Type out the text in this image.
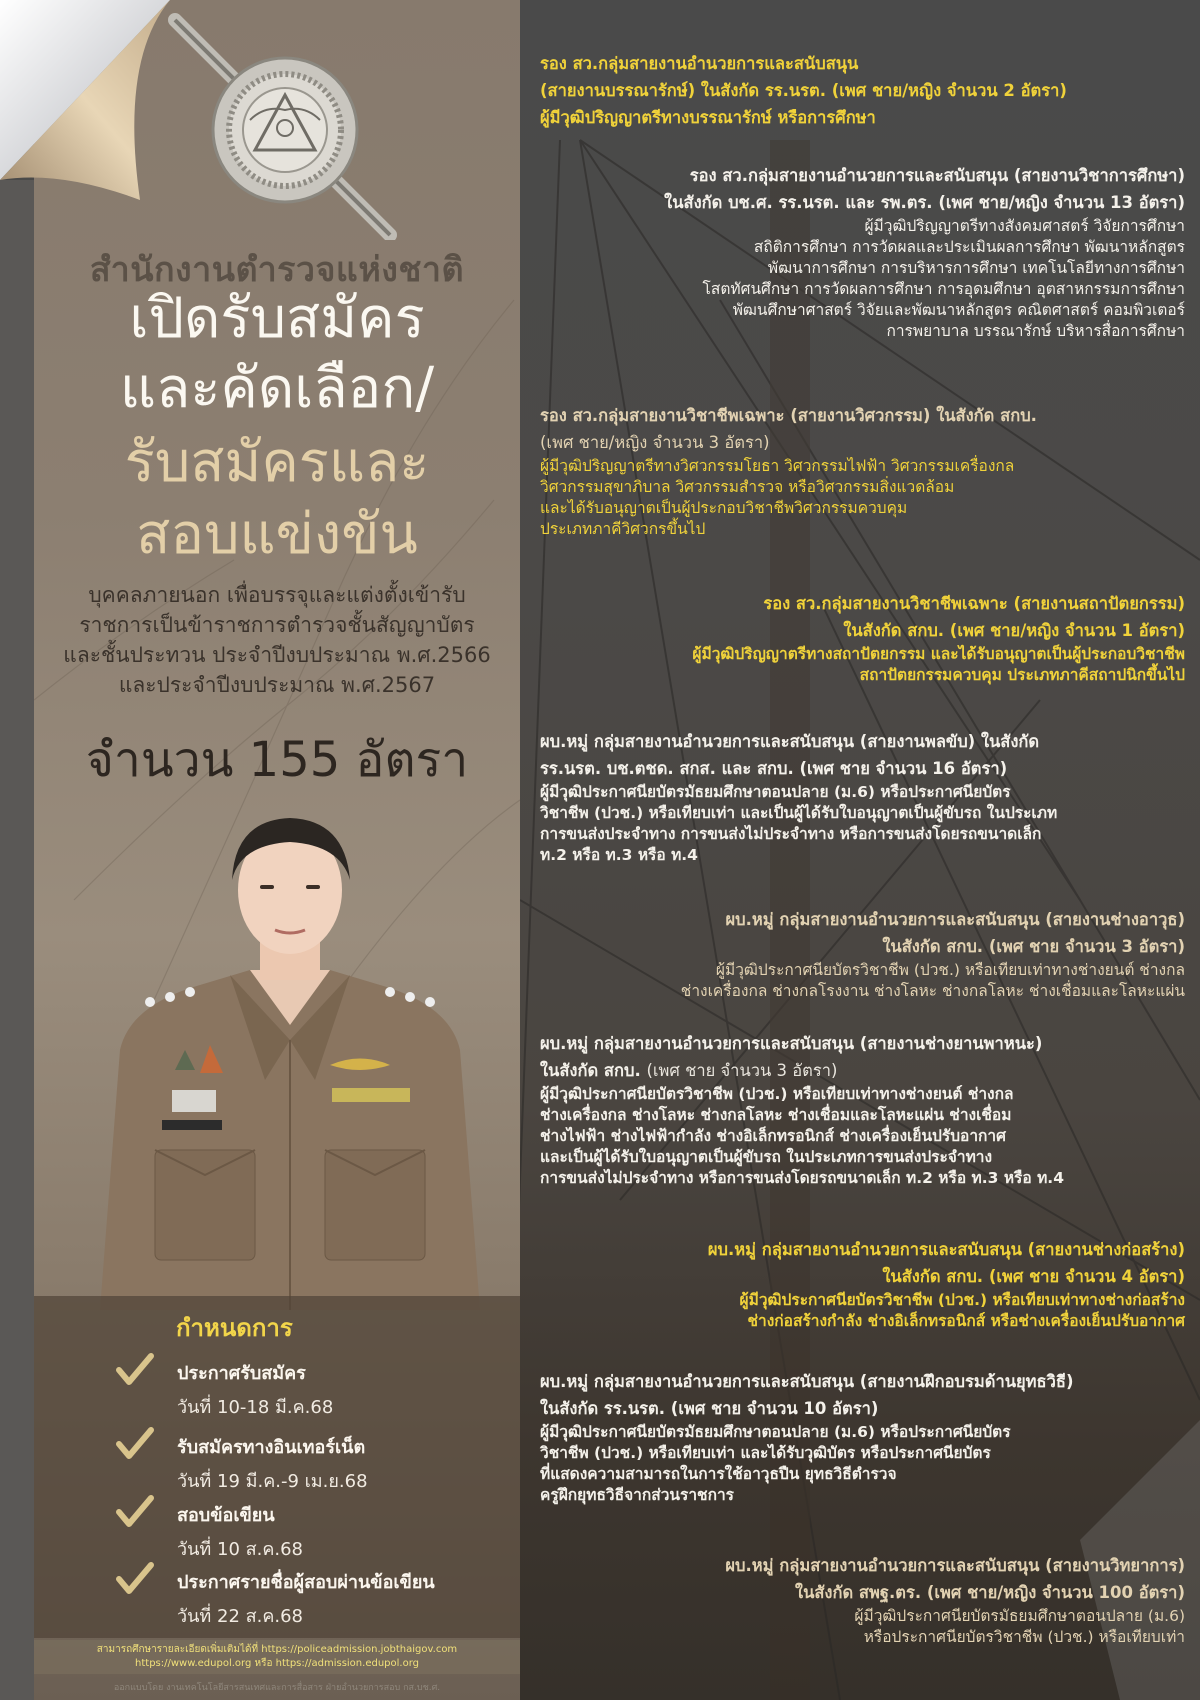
สำนักงานตำรวจแห่งชาติ
เปิดรับสมัคร
และคัดเลือก/
รับสมัครและ
สอบแข่งขัน
บุคคลภายนอก เพื่อบรรจุและแต่งตั้งเข้ารับ
ราชการเป็นข้าราชการตำรวจชั้นสัญญาบัตร
และชั้นประทวน ประจำปีงบประมาณ พ.ศ.2566
และประจำปีงบประมาณ พ.ศ.2567
จำนวน 155 อัตรา
กำหนดการ
ประกาศรับสมัคร
วันที่ 10-18 มี.ค.68
รับสมัครทางอินเทอร์เน็ต
วันที่ 19 มี.ค.-9 เม.ย.68
สอบข้อเขียน
วันที่ 10 ส.ค.68
ประกาศรายชื่อผู้สอบผ่านข้อเขียน
วันที่ 22 ส.ค.68
สามารถศึกษารายละเอียดเพิ่มเติมได้ที่ https://policeadmission.jobthaigov.com
https://www.edupol.org หรือ https://admission.edupol.org
ออกแบบโดย งานเทคโนโลยีสารสนเทศและการสื่อสาร ฝ่ายอำนวยการสอบ กส.บช.ศ.

รอง สว.กลุ่มสายงานอำนวยการและสนับสนุน

(สายงานบรรณารักษ์) ในสังกัด รร.นรต. (เพศ ชาย/หญิง จำนวน 2 อัตรา)

ผู้มีวุฒิปริญญาตรีทางบรรณารักษ์ หรือการศึกษา

รอง สว.กลุ่มสายงานอำนวยการและสนับสนุน (สายงานวิชาการศึกษา)

ในสังกัด บช.ศ. รร.นรต. และ รพ.ตร. (เพศ ชาย/หญิง จำนวน 13 อัตรา)

ผู้มีวุฒิปริญญาตรีทางสังคมศาสตร์ วิจัยการศึกษา

สถิติการศึกษา การวัดผลและประเมินผลการศึกษา พัฒนาหลักสูตร

พัฒนาการศึกษา การบริหารการศึกษา เทคโนโลยีทางการศึกษา

โสตทัศนศึกษา การวัดผลการศึกษา การอุดมศึกษา อุตสาหกรรมการศึกษา

พัฒนศึกษาศาสตร์ วิจัยและพัฒนาหลักสูตร คณิตศาสตร์ คอมพิวเตอร์

การพยาบาล บรรณารักษ์ บริหารสื่อการศึกษา

รอง สว.กลุ่มสายงานวิชาชีพเฉพาะ (สายงานวิศวกรรม) ในสังกัด สกบ.

(เพศ ชาย/หญิง จำนวน 3 อัตรา)

ผู้มีวุฒิปริญญาตรีทางวิศวกรรมโยธา วิศวกรรมไฟฟ้า วิศวกรรมเครื่องกล

วิศวกรรมสุขาภิบาล วิศวกรรมสำรวจ หรือวิศวกรรมสิ่งแวดล้อม

และได้รับอนุญาตเป็นผู้ประกอบวิชาชีพวิศวกรรมควบคุม

ประเภทภาคีวิศวกรขึ้นไป

รอง สว.กลุ่มสายงานวิชาชีพเฉพาะ (สายงานสถาปัตยกรรม)

ในสังกัด สกบ. (เพศ ชาย/หญิง จำนวน 1 อัตรา)

ผู้มีวุฒิปริญญาตรีทางสถาปัตยกรรม และได้รับอนุญาตเป็นผู้ประกอบวิชาชีพ

สถาปัตยกรรมควบคุม ประเภทภาคีสถาปนิกขึ้นไป

ผบ.หมู่ กลุ่มสายงานอำนวยการและสนับสนุน (สายงานพลขับ) ในสังกัด

รร.นรต. บช.ตชด. สกส. และ สกบ. (เพศ ชาย จำนวน 16 อัตรา)

ผู้มีวุฒิประกาศนียบัตรมัธยมศึกษาตอนปลาย (ม.6) หรือประกาศนียบัตร

วิชาชีพ (ปวช.) หรือเทียบเท่า และเป็นผู้ได้รับใบอนุญาตเป็นผู้ขับรถ ในประเภท

การขนส่งประจำทาง การขนส่งไม่ประจำทาง หรือการขนส่งโดยรถขนาดเล็ก

ท.2 หรือ ท.3 หรือ ท.4

ผบ.หมู่ กลุ่มสายงานอำนวยการและสนับสนุน (สายงานช่างอาวุธ)

ในสังกัด สกบ. (เพศ ชาย จำนวน 3 อัตรา)

ผู้มีวุฒิประกาศนียบัตรวิชาชีพ (ปวช.) หรือเทียบเท่าทางช่างยนต์ ช่างกล

ช่างเครื่องกล ช่างกลโรงงาน ช่างโลหะ ช่างกลโลหะ ช่างเชื่อมและโลหะแผ่น

ผบ.หมู่ กลุ่มสายงานอำนวยการและสนับสนุน (สายงานช่างยานพาหนะ)

ในสังกัด สกบ. (เพศ ชาย จำนวน 3 อัตรา)

ผู้มีวุฒิประกาศนียบัตรวิชาชีพ (ปวช.) หรือเทียบเท่าทางช่างยนต์ ช่างกล

ช่างเครื่องกล ช่างโลหะ ช่างกลโลหะ ช่างเชื่อมและโลหะแผ่น ช่างเชื่อม

ช่างไฟฟ้า ช่างไฟฟ้ากำลัง ช่างอิเล็กทรอนิกส์ ช่างเครื่องเย็นปรับอากาศ

และเป็นผู้ได้รับใบอนุญาตเป็นผู้ขับรถ ในประเภทการขนส่งประจำทาง

การขนส่งไม่ประจำทาง หรือการขนส่งโดยรถขนาดเล็ก ท.2 หรือ ท.3 หรือ ท.4

ผบ.หมู่ กลุ่มสายงานอำนวยการและสนับสนุน (สายงานช่างก่อสร้าง)

ในสังกัด สกบ. (เพศ ชาย จำนวน 4 อัตรา)

ผู้มีวุฒิประกาศนียบัตรวิชาชีพ (ปวช.) หรือเทียบเท่าทางช่างก่อสร้าง

ช่างก่อสร้างกำลัง ช่างอิเล็กทรอนิกส์ หรือช่างเครื่องเย็นปรับอากาศ

ผบ.หมู่ กลุ่มสายงานอำนวยการและสนับสนุน (สายงานฝึกอบรมด้านยุทธวิธี)

ในสังกัด รร.นรต. (เพศ ชาย จำนวน 10 อัตรา)

ผู้มีวุฒิประกาศนียบัตรมัธยมศึกษาตอนปลาย (ม.6) หรือประกาศนียบัตร

วิชาชีพ (ปวช.) หรือเทียบเท่า และได้รับวุฒิบัตร หรือประกาศนียบัตร

ที่แสดงความสามารถในการใช้อาวุธปืน ยุทธวิธีตำรวจ

ครูฝึกยุทธวิธีจากส่วนราชการ

ผบ.หมู่ กลุ่มสายงานอำนวยการและสนับสนุน (สายงานวิทยาการ)

ในสังกัด สพฐ.ตร. (เพศ ชาย/หญิง จำนวน 100 อัตรา)

ผู้มีวุฒิประกาศนียบัตรมัธยมศึกษาตอนปลาย (ม.6)

หรือประกาศนียบัตรวิชาชีพ (ปวช.) หรือเทียบเท่า
